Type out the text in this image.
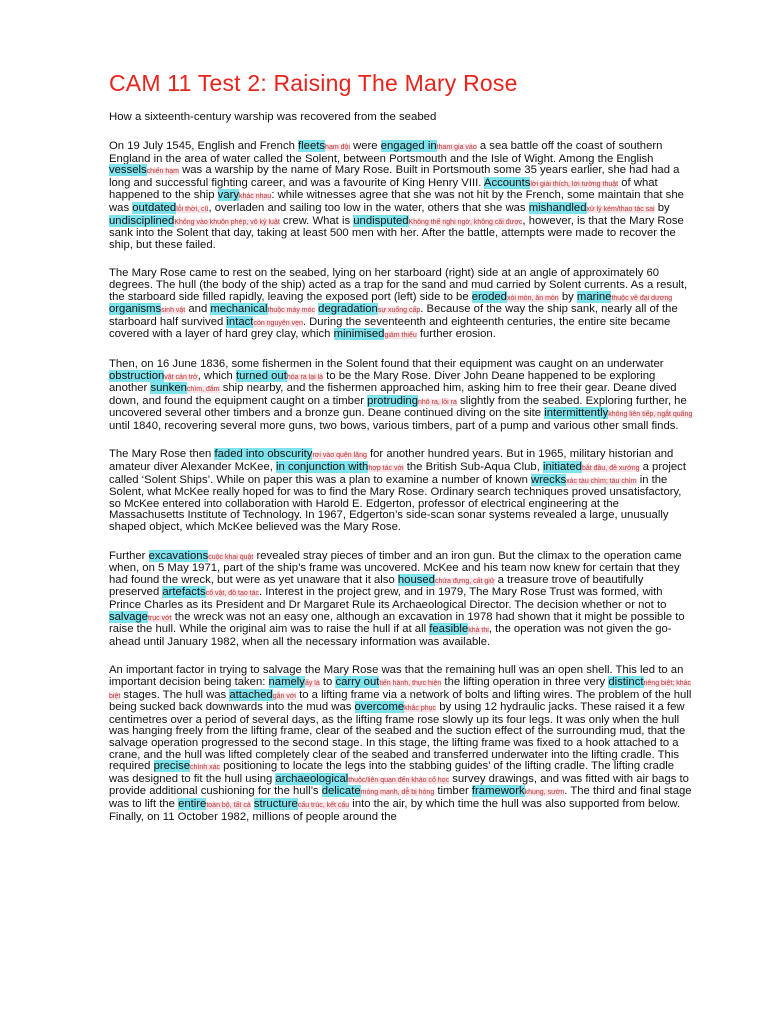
CAM 11 Test 2: Raising The Mary Rose

How a sixteenth-century warship was recovered from the seabed

On 19 July 1545, English and French fleetshạm đội were engaged intham gia vào a sea battle off the coast of southern England in the area of water called the Solent, between Portsmouth and the Isle of Wight. Among the English vesselschiến hạm was a warship by the name of Mary Rose. Built in Portsmouth some 35 years earlier, she had had a long and successful fighting career, and was a favourite of King Henry VIII. Accountslời giải thích, lời tường thuật of what happened to the ship varykhác nhau: while witnesses agree that she was not hit by the French, some maintain that she was outdatedlỗi thời, cũ, overladen and sailing too low in the water, others that she was mishandledxử lý kém/thao tác sai by undisciplinedKhông vào khuôn phép, vô kỷ luật crew. What is undisputedKhông thể nghi ngờ, không cãi được, however, is that the Mary Rose sank into the Solent that day, taking at least 500 men with her. After the battle, attempts were made to recover the ship, but these failed.

The Mary Rose came to rest on the seabed, lying on her starboard (right) side at an angle of approximately 60 degrees. The hull (the body of the ship) acted as a trap for the sand and mud carried by Solent currents. As a result, the starboard side filled rapidly, leaving the exposed port (left) side to be erodedxói mòn, ăn mòn by marinethuộc về đại dương organismssinh vật and mechanicalthuộc máy móc degradationsự xuống cấp. Because of the way the ship sank, nearly all of the starboard half survived intactcòn nguyên vẹn. During the seventeenth and eighteenth centuries, the entire site became covered with a layer of hard grey clay, which minimisedgiảm thiểu further erosion.

Then, on 16 June 1836, some fishermen in the Solent found that their equipment was caught on an underwater obstructionvật cản trở, which turned outhóa ra lại là to be the Mary Rose. Diver John Deane happened to be exploring another sunkenchìm, đắm ship nearby, and the fishermen approached him, asking him to free their gear. Deane dived down, and found the equipment caught on a timber protrudingnhô ra, lồi ra slightly from the seabed. Exploring further, he uncovered several other timbers and a bronze gun. Deane continued diving on the site intermittentlykhông liên tiếp, ngắt quãng until 1840, recovering several more guns, two bows, various timbers, part of a pump and various other small finds.

The Mary Rose then faded into obscurityrơi vào quên lãng for another hundred years. But in 1965, military historian and amateur diver Alexander McKee, in conjunction withhợp tác với the British Sub-Aqua Club, initiatedbắt đầu, đề xướng a project called ‘Solent Ships’. While on paper this was a plan to examine a number of known wrecksxác tàu chìm; tàu chìm in the Solent, what McKee really hoped for was to find the Mary Rose. Ordinary search techniques proved unsatisfactory, so McKee entered into collaboration with Harold E. Edgerton, professor of electrical engineering at the Massachusetts Institute of Technology. In 1967, Edgerton’s side-scan sonar systems revealed a large, unusually shaped object, which McKee believed was the Mary Rose.

Further excavationscuộc khai quật revealed stray pieces of timber and an iron gun. But the climax to the operation came when, on 5 May 1971, part of the ship’s frame was uncovered. McKee and his team now knew for certain that they had found the wreck, but were as yet unaware that it also housedchứa đựng, cất giữ a treasure trove of beautifully preserved artefactscổ vật, đồ tạo tác. Interest in the project grew, and in 1979, The Mary Rose Trust was formed, with Prince Charles as its President and Dr Margaret Rule its Archaeological Director. The decision whether or not to salvagetrục vớt the wreck was not an easy one, although an excavation in 1978 had shown that it might be possible to raise the hull. While the original aim was to raise the hull if at all feasiblekhả thi, the operation was not given the go-ahead until January 1982, when all the necessary information was available.

An important factor in trying to salvage the Mary Rose was that the remaining hull was an open shell. This led to an important decision being taken: namelyấy là to carry outtiến hành, thực hiện the lifting operation in three very distinctriêng biệt; khác biệt stages. The hull was attachedgắn với to a lifting frame via a network of bolts and lifting wires. The problem of the hull being sucked back downwards into the mud was overcomekhắc phục by using 12 hydraulic jacks. These raised it a few centimetres over a period of several days, as the lifting frame rose slowly up its four legs. It was only when the hull was hanging freely from the lifting frame, clear of the seabed and the suction effect of the surrounding mud, that the salvage operation progressed to the second stage. In this stage, the lifting frame was fixed to a hook attached to a crane, and the hull was lifted completely clear of the seabed and transferred underwater into the lifting cradle. This required precisechính xác positioning to locate the legs into the stabbing guides’ of the lifting cradle. The lifting cradle was designed to fit the hull using archaeologicalthuộc/liên quan đến khảo cổ học survey drawings, and was fitted with air bags to provide additional cushioning for the hull’s delicatemỏng manh, dễ bị hỏng timber frameworkkhung, sườn. The third and final stage was to lift the entiretoàn bộ, tất cả structurecấu trúc, kết cấu into the air, by which time the hull was also supported from below. Finally, on 11 October 1982, millions of people around the
